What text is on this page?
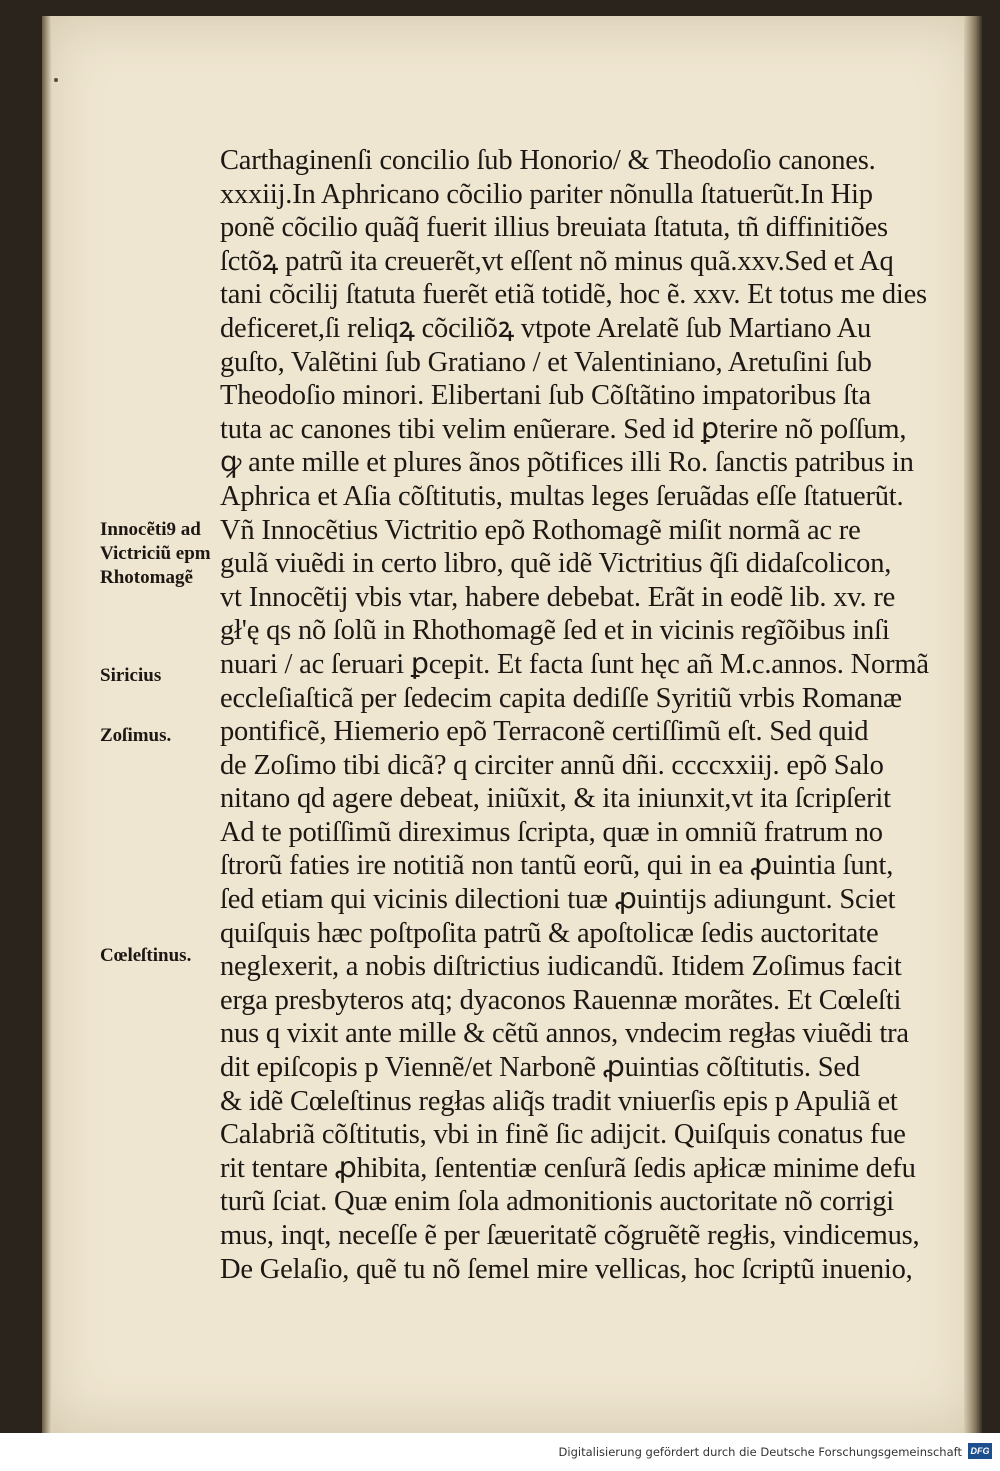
Carthaginenſi concilio ſub Honorio/ & Theodoſio canones.
xxxiij.In Aphricano cõcilio pariter nõnulla ſtatuerũt.In Hip
ponẽ cõcilio quãq̃ fuerit illius breuiata ſtatuta, tñ diffinitiões
ſctõꝝ patrũ ita creuerẽt,vt eſſent nõ minus quã.xxv.Sed et Aq
tani cõcilij ſtatuta fuerẽt etiã totidẽ, hoc ẽ. xxv. Et totus me dies
deficeret,ſi reliqꝝ cõciliõꝝ vtpote Arelatẽ ſub Martiano Au
guſto, Valẽtini ſub Gratiano / et Valentiniano, Aretuſini ſub
Theodoſio minori. Elibertani ſub Cõſtãtino impatoribus ſta
tuta ac canones tibi velim enũerare. Sed id ꝑterire nõ poſſum,
ꝙ ante mille et plures ãnos põtifices illi Ro. ſanctis patribus in
Aphrica et Aſia cõſtitutis, multas leges ſeruãdas eſſe ſtatuerũt.
Vñ Innocẽtius Victritio epõ Rothomagẽ miſit normã ac re
gulã viuẽdi in certo libro, quẽ idẽ Victritius q̃ſi didaſcolicon,
vt Innocẽtij vbis vtar, habere debebat. Erãt in eodẽ lib. xv. re
gł'ę qs nõ ſolũ in Rhothomagẽ ſed et in vicinis regĩõibus inſi
nuari / ac ſeruari ꝑcepit. Et facta ſunt hęc añ M.c.annos. Normã
eccleſiaſticã per ſedecim capita dediſſe Syritiũ vrbis Romanæ
pontificẽ, Hiemerio epõ Terraconẽ certiſſimũ eſt. Sed quid
de Zoſimo tibi dicã? q circiter annũ dñi. ccccxxiij. epõ Salo
nitano qd agere debeat, iniũxit, & ita iniunxit,vt ita ſcripſerit
Ad te potiſſimũ direximus ſcripta, quæ in omniũ fratrum no
ſtrorũ faties ire notitiã non tantũ eorũ, qui in ea ꝓuintia ſunt,
ſed etiam qui vicinis dilectioni tuæ ꝓuintijs adiungunt. Sciet
quiſquis hæc poſtpoſita patrũ & apoſtolicæ ſedis auctoritate
neglexerit, a nobis diſtrictius iudicandũ. Itidem Zoſimus facit
erga presbyteros atq; dyaconos Rauennæ morãtes. Et Cœleſti
nus q vixit ante mille & cẽtũ annos, vndecim regłas viuẽdi tra
dit epiſcopis p Viennẽ/et Narbonẽ ꝓuintias cõſtitutis. Sed
& idẽ Cœleſtinus regłas aliq̃s tradit vniuerſis epis p Apuliã et
Calabriã cõſtitutis, vbi in finẽ ſic adijcit. Quiſquis conatus fue
rit tentare ꝓhibita, ſententiæ cenſurã ſedis apłicæ minime defu
turũ ſciat. Quæ enim ſola admonitionis auctoritate nõ corrigi
mus, inqt, neceſſe ẽ per ſæueritatẽ cõgruẽtẽ regłis, vindicemus,
De Gelaſio, quẽ tu nõ ſemel mire vellicas, hoc ſcriptũ inuenio,
Innocẽti9 ad
Victriciũ epm
Rhotomagẽ
Siricius
Zoſimus.
Cœleſtinus.
Digitalisierung gefördert durch die Deutsche Forschungsgemeinschaft DFG
